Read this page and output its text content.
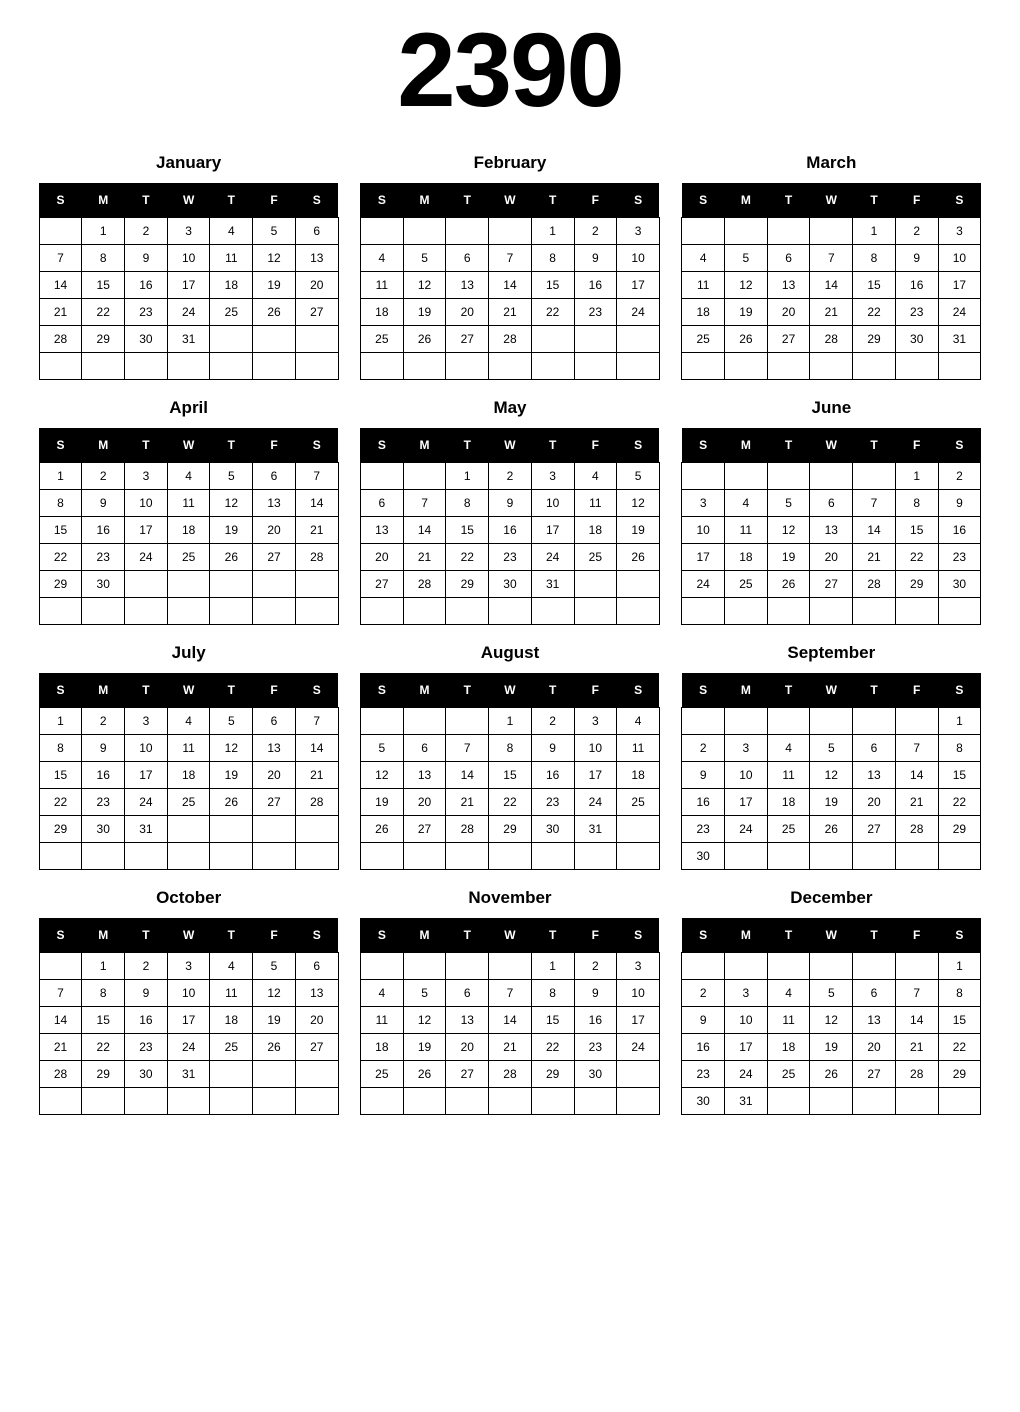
2390
January
S	M	T	W	T	F	S
	1	2	3	4	5	6
7	8	9	10	11	12	13
14	15	16	17	18	19	20
21	22	23	24	25	26	27
28	29	30	31			

February
S	M	T	W	T	F	S
				1	2	3
4	5	6	7	8	9	10
11	12	13	14	15	16	17
18	19	20	21	22	23	24
25	26	27	28			

March
S	M	T	W	T	F	S
				1	2	3
4	5	6	7	8	9	10
11	12	13	14	15	16	17
18	19	20	21	22	23	24
25	26	27	28	29	30	31

April
S	M	T	W	T	F	S
1	2	3	4	5	6	7
8	9	10	11	12	13	14
15	16	17	18	19	20	21
22	23	24	25	26	27	28
29	30					

May
S	M	T	W	T	F	S
		1	2	3	4	5
6	7	8	9	10	11	12
13	14	15	16	17	18	19
20	21	22	23	24	25	26
27	28	29	30	31		

June
S	M	T	W	T	F	S
					1	2
3	4	5	6	7	8	9
10	11	12	13	14	15	16
17	18	19	20	21	22	23
24	25	26	27	28	29	30

July
S	M	T	W	T	F	S
1	2	3	4	5	6	7
8	9	10	11	12	13	14
15	16	17	18	19	20	21
22	23	24	25	26	27	28
29	30	31				

August
S	M	T	W	T	F	S
			1	2	3	4
5	6	7	8	9	10	11
12	13	14	15	16	17	18
19	20	21	22	23	24	25
26	27	28	29	30	31	

September
S	M	T	W	T	F	S
						1
2	3	4	5	6	7	8
9	10	11	12	13	14	15
16	17	18	19	20	21	22
23	24	25	26	27	28	29
30						
October
S	M	T	W	T	F	S
	1	2	3	4	5	6
7	8	9	10	11	12	13
14	15	16	17	18	19	20
21	22	23	24	25	26	27
28	29	30	31			

November
S	M	T	W	T	F	S
				1	2	3
4	5	6	7	8	9	10
11	12	13	14	15	16	17
18	19	20	21	22	23	24
25	26	27	28	29	30	

December
S	M	T	W	T	F	S
						1
2	3	4	5	6	7	8
9	10	11	12	13	14	15
16	17	18	19	20	21	22
23	24	25	26	27	28	29
30	31					
